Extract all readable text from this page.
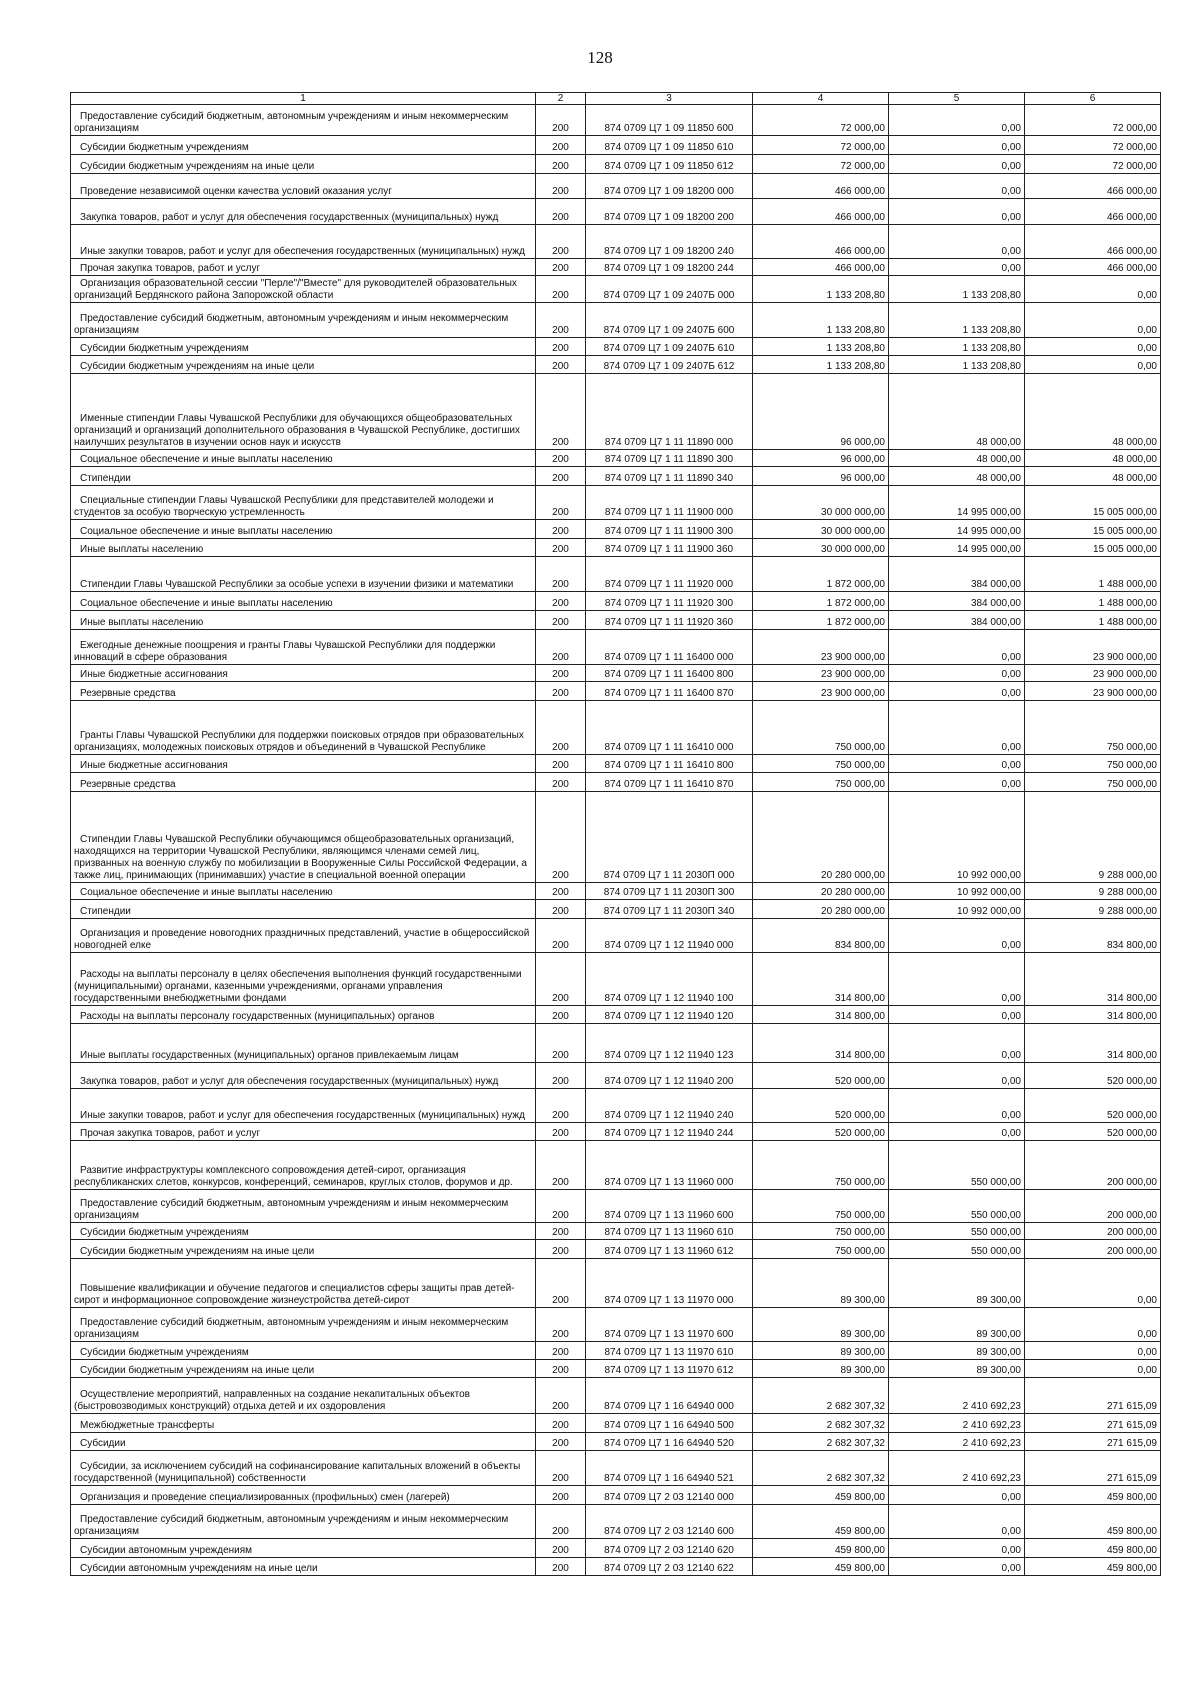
128
1	2	3	4	5	6
Предоставление субсидий бюджетным, автономным учреждениям и иным некоммерческим организациям	200	874 0709 Ц7 1 09 11850 600	72 000,00	0,00	72 000,00
Субсидии бюджетным учреждениям	200	874 0709 Ц7 1 09 11850 610	72 000,00	0,00	72 000,00
Субсидии бюджетным учреждениям на иные цели	200	874 0709 Ц7 1 09 11850 612	72 000,00	0,00	72 000,00
Проведение независимой оценки качества условий оказания услуг	200	874 0709 Ц7 1 09 18200 000	466 000,00	0,00	466 000,00
Закупка товаров, работ и услуг для обеспечения государственных (муниципальных) нужд	200	874 0709 Ц7 1 09 18200 200	466 000,00	0,00	466 000,00
Иные закупки товаров, работ и услуг для обеспечения государственных (муниципальных) нужд	200	874 0709 Ц7 1 09 18200 240	466 000,00	0,00	466 000,00
Прочая закупка товаров, работ и услуг	200	874 0709 Ц7 1 09 18200 244	466 000,00	0,00	466 000,00
Организация образовательной сессии "Перле"/"Вместе" для руководителей образовательных организаций Бердянского района Запорожской области	200	874 0709 Ц7 1 09 2407Б 000	1 133 208,80	1 133 208,80	0,00
Предоставление субсидий бюджетным, автономным учреждениям и иным некоммерческим организациям	200	874 0709 Ц7 1 09 2407Б 600	1 133 208,80	1 133 208,80	0,00
Субсидии бюджетным учреждениям	200	874 0709 Ц7 1 09 2407Б 610	1 133 208,80	1 133 208,80	0,00
Субсидии бюджетным учреждениям на иные цели	200	874 0709 Ц7 1 09 2407Б 612	1 133 208,80	1 133 208,80	0,00
Именные стипендии Главы Чувашской Республики для обучающихся общеобразовательных организаций и организаций дополнительного образования в Чувашской Республике, достигших наилучших результатов в изучении основ наук и искусств	200	874 0709 Ц7 1 11 11890 000	96 000,00	48 000,00	48 000,00
Социальное обеспечение и иные выплаты населению	200	874 0709 Ц7 1 11 11890 300	96 000,00	48 000,00	48 000,00
Стипендии	200	874 0709 Ц7 1 11 11890 340	96 000,00	48 000,00	48 000,00
Специальные стипендии Главы Чувашской Республики для представителей молодежи и студентов за особую творческую устремленность	200	874 0709 Ц7 1 11 11900 000	30 000 000,00	14 995 000,00	15 005 000,00
Социальное обеспечение и иные выплаты населению	200	874 0709 Ц7 1 11 11900 300	30 000 000,00	14 995 000,00	15 005 000,00
Иные выплаты населению	200	874 0709 Ц7 1 11 11900 360	30 000 000,00	14 995 000,00	15 005 000,00
Стипендии Главы Чувашской Республики за особые успехи в изучении физики и математики	200	874 0709 Ц7 1 11 11920 000	1 872 000,00	384 000,00	1 488 000,00
Социальное обеспечение и иные выплаты населению	200	874 0709 Ц7 1 11 11920 300	1 872 000,00	384 000,00	1 488 000,00
Иные выплаты населению	200	874 0709 Ц7 1 11 11920 360	1 872 000,00	384 000,00	1 488 000,00
Ежегодные денежные поощрения и гранты Главы Чувашской Республики для поддержки инноваций в сфере образования	200	874 0709 Ц7 1 11 16400 000	23 900 000,00	0,00	23 900 000,00
Иные бюджетные ассигнования	200	874 0709 Ц7 1 11 16400 800	23 900 000,00	0,00	23 900 000,00
Резервные средства	200	874 0709 Ц7 1 11 16400 870	23 900 000,00	0,00	23 900 000,00
Гранты Главы Чувашской Республики для поддержки поисковых отрядов при образовательных организациях, молодежных поисковых отрядов и объединений в Чувашской Республике	200	874 0709 Ц7 1 11 16410 000	750 000,00	0,00	750 000,00
Иные бюджетные ассигнования	200	874 0709 Ц7 1 11 16410 800	750 000,00	0,00	750 000,00
Резервные средства	200	874 0709 Ц7 1 11 16410 870	750 000,00	0,00	750 000,00
Стипендии Главы Чувашской Республики обучающимся общеобразовательных организаций, находящихся на территории Чувашской Республики, являющимся членами семей лиц, призванных на военную службу по мобилизации в Вооруженные Силы Российской Федерации, а также лиц, принимающих (принимавших) участие в специальной военной операции	200	874 0709 Ц7 1 11 2030П 000	20 280 000,00	10 992 000,00	9 288 000,00
Социальное обеспечение и иные выплаты населению	200	874 0709 Ц7 1 11 2030П 300	20 280 000,00	10 992 000,00	9 288 000,00
Стипендии	200	874 0709 Ц7 1 11 2030П 340	20 280 000,00	10 992 000,00	9 288 000,00
Организация и проведение новогодних праздничных представлений, участие в общероссийской новогодней елке	200	874 0709 Ц7 1 12 11940 000	834 800,00	0,00	834 800,00
Расходы на выплаты персоналу в целях обеспечения выполнения функций государственными (муниципальными) органами, казенными учреждениями, органами управления государственными внебюджетными фондами	200	874 0709 Ц7 1 12 11940 100	314 800,00	0,00	314 800,00
Расходы на выплаты персоналу государственных (муниципальных) органов	200	874 0709 Ц7 1 12 11940 120	314 800,00	0,00	314 800,00
Иные выплаты государственных (муниципальных) органов привлекаемым лицам	200	874 0709 Ц7 1 12 11940 123	314 800,00	0,00	314 800,00
Закупка товаров, работ и услуг для обеспечения государственных (муниципальных) нужд	200	874 0709 Ц7 1 12 11940 200	520 000,00	0,00	520 000,00
Иные закупки товаров, работ и услуг для обеспечения государственных (муниципальных) нужд	200	874 0709 Ц7 1 12 11940 240	520 000,00	0,00	520 000,00
Прочая закупка товаров, работ и услуг	200	874 0709 Ц7 1 12 11940 244	520 000,00	0,00	520 000,00
Развитие инфраструктуры комплексного сопровождения детей-сирот, организация республиканских слетов, конкурсов, конференций, семинаров, круглых столов, форумов и др.	200	874 0709 Ц7 1 13 11960 000	750 000,00	550 000,00	200 000,00
Предоставление субсидий бюджетным, автономным учреждениям и иным некоммерческим организациям	200	874 0709 Ц7 1 13 11960 600	750 000,00	550 000,00	200 000,00
Субсидии бюджетным учреждениям	200	874 0709 Ц7 1 13 11960 610	750 000,00	550 000,00	200 000,00
Субсидии бюджетным учреждениям на иные цели	200	874 0709 Ц7 1 13 11960 612	750 000,00	550 000,00	200 000,00
Повышение квалификации и обучение педагогов и специалистов сферы защиты прав детей-сирот и информационное сопровождение жизнеустройства детей-сирот	200	874 0709 Ц7 1 13 11970 000	89 300,00	89 300,00	0,00
Предоставление субсидий бюджетным, автономным учреждениям и иным некоммерческим организациям	200	874 0709 Ц7 1 13 11970 600	89 300,00	89 300,00	0,00
Субсидии бюджетным учреждениям	200	874 0709 Ц7 1 13 11970 610	89 300,00	89 300,00	0,00
Субсидии бюджетным учреждениям на иные цели	200	874 0709 Ц7 1 13 11970 612	89 300,00	89 300,00	0,00
Осуществление мероприятий, направленных на создание некапитальных объектов (быстровозводимых конструкций) отдыха детей и их оздоровления	200	874 0709 Ц7 1 16 64940 000	2 682 307,32	2 410 692,23	271 615,09
Межбюджетные трансферты	200	874 0709 Ц7 1 16 64940 500	2 682 307,32	2 410 692,23	271 615,09
Субсидии	200	874 0709 Ц7 1 16 64940 520	2 682 307,32	2 410 692,23	271 615,09
Субсидии, за исключением субсидий на софинансирование капитальных вложений в объекты государственной (муниципальной) собственности	200	874 0709 Ц7 1 16 64940 521	2 682 307,32	2 410 692,23	271 615,09
Организация и проведение специализированных (профильных) смен (лагерей)	200	874 0709 Ц7 2 03 12140 000	459 800,00	0,00	459 800,00
Предоставление субсидий бюджетным, автономным учреждениям и иным некоммерческим организациям	200	874 0709 Ц7 2 03 12140 600	459 800,00	0,00	459 800,00
Субсидии автономным учреждениям	200	874 0709 Ц7 2 03 12140 620	459 800,00	0,00	459 800,00
Субсидии автономным учреждениям на иные цели	200	874 0709 Ц7 2 03 12140 622	459 800,00	0,00	459 800,00
